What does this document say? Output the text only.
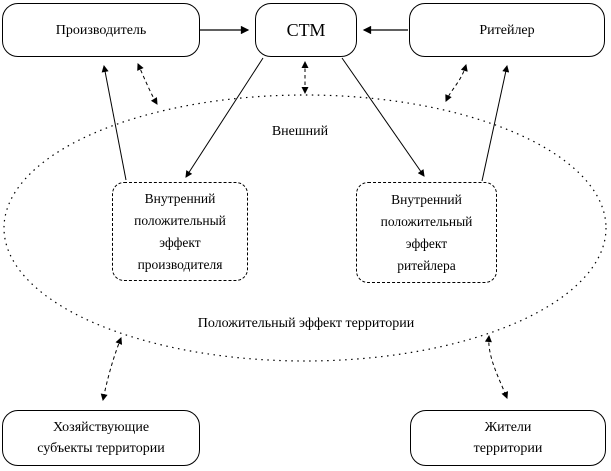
Производитель	СТМ	Ритейлер
Внешний
Внутренний
положительный
эффект
производителя
Внутренний
положительный
эффект
ритейлера
Положительный эффект территории
Хозяйствующие
субъекты территории
Жители
территории
